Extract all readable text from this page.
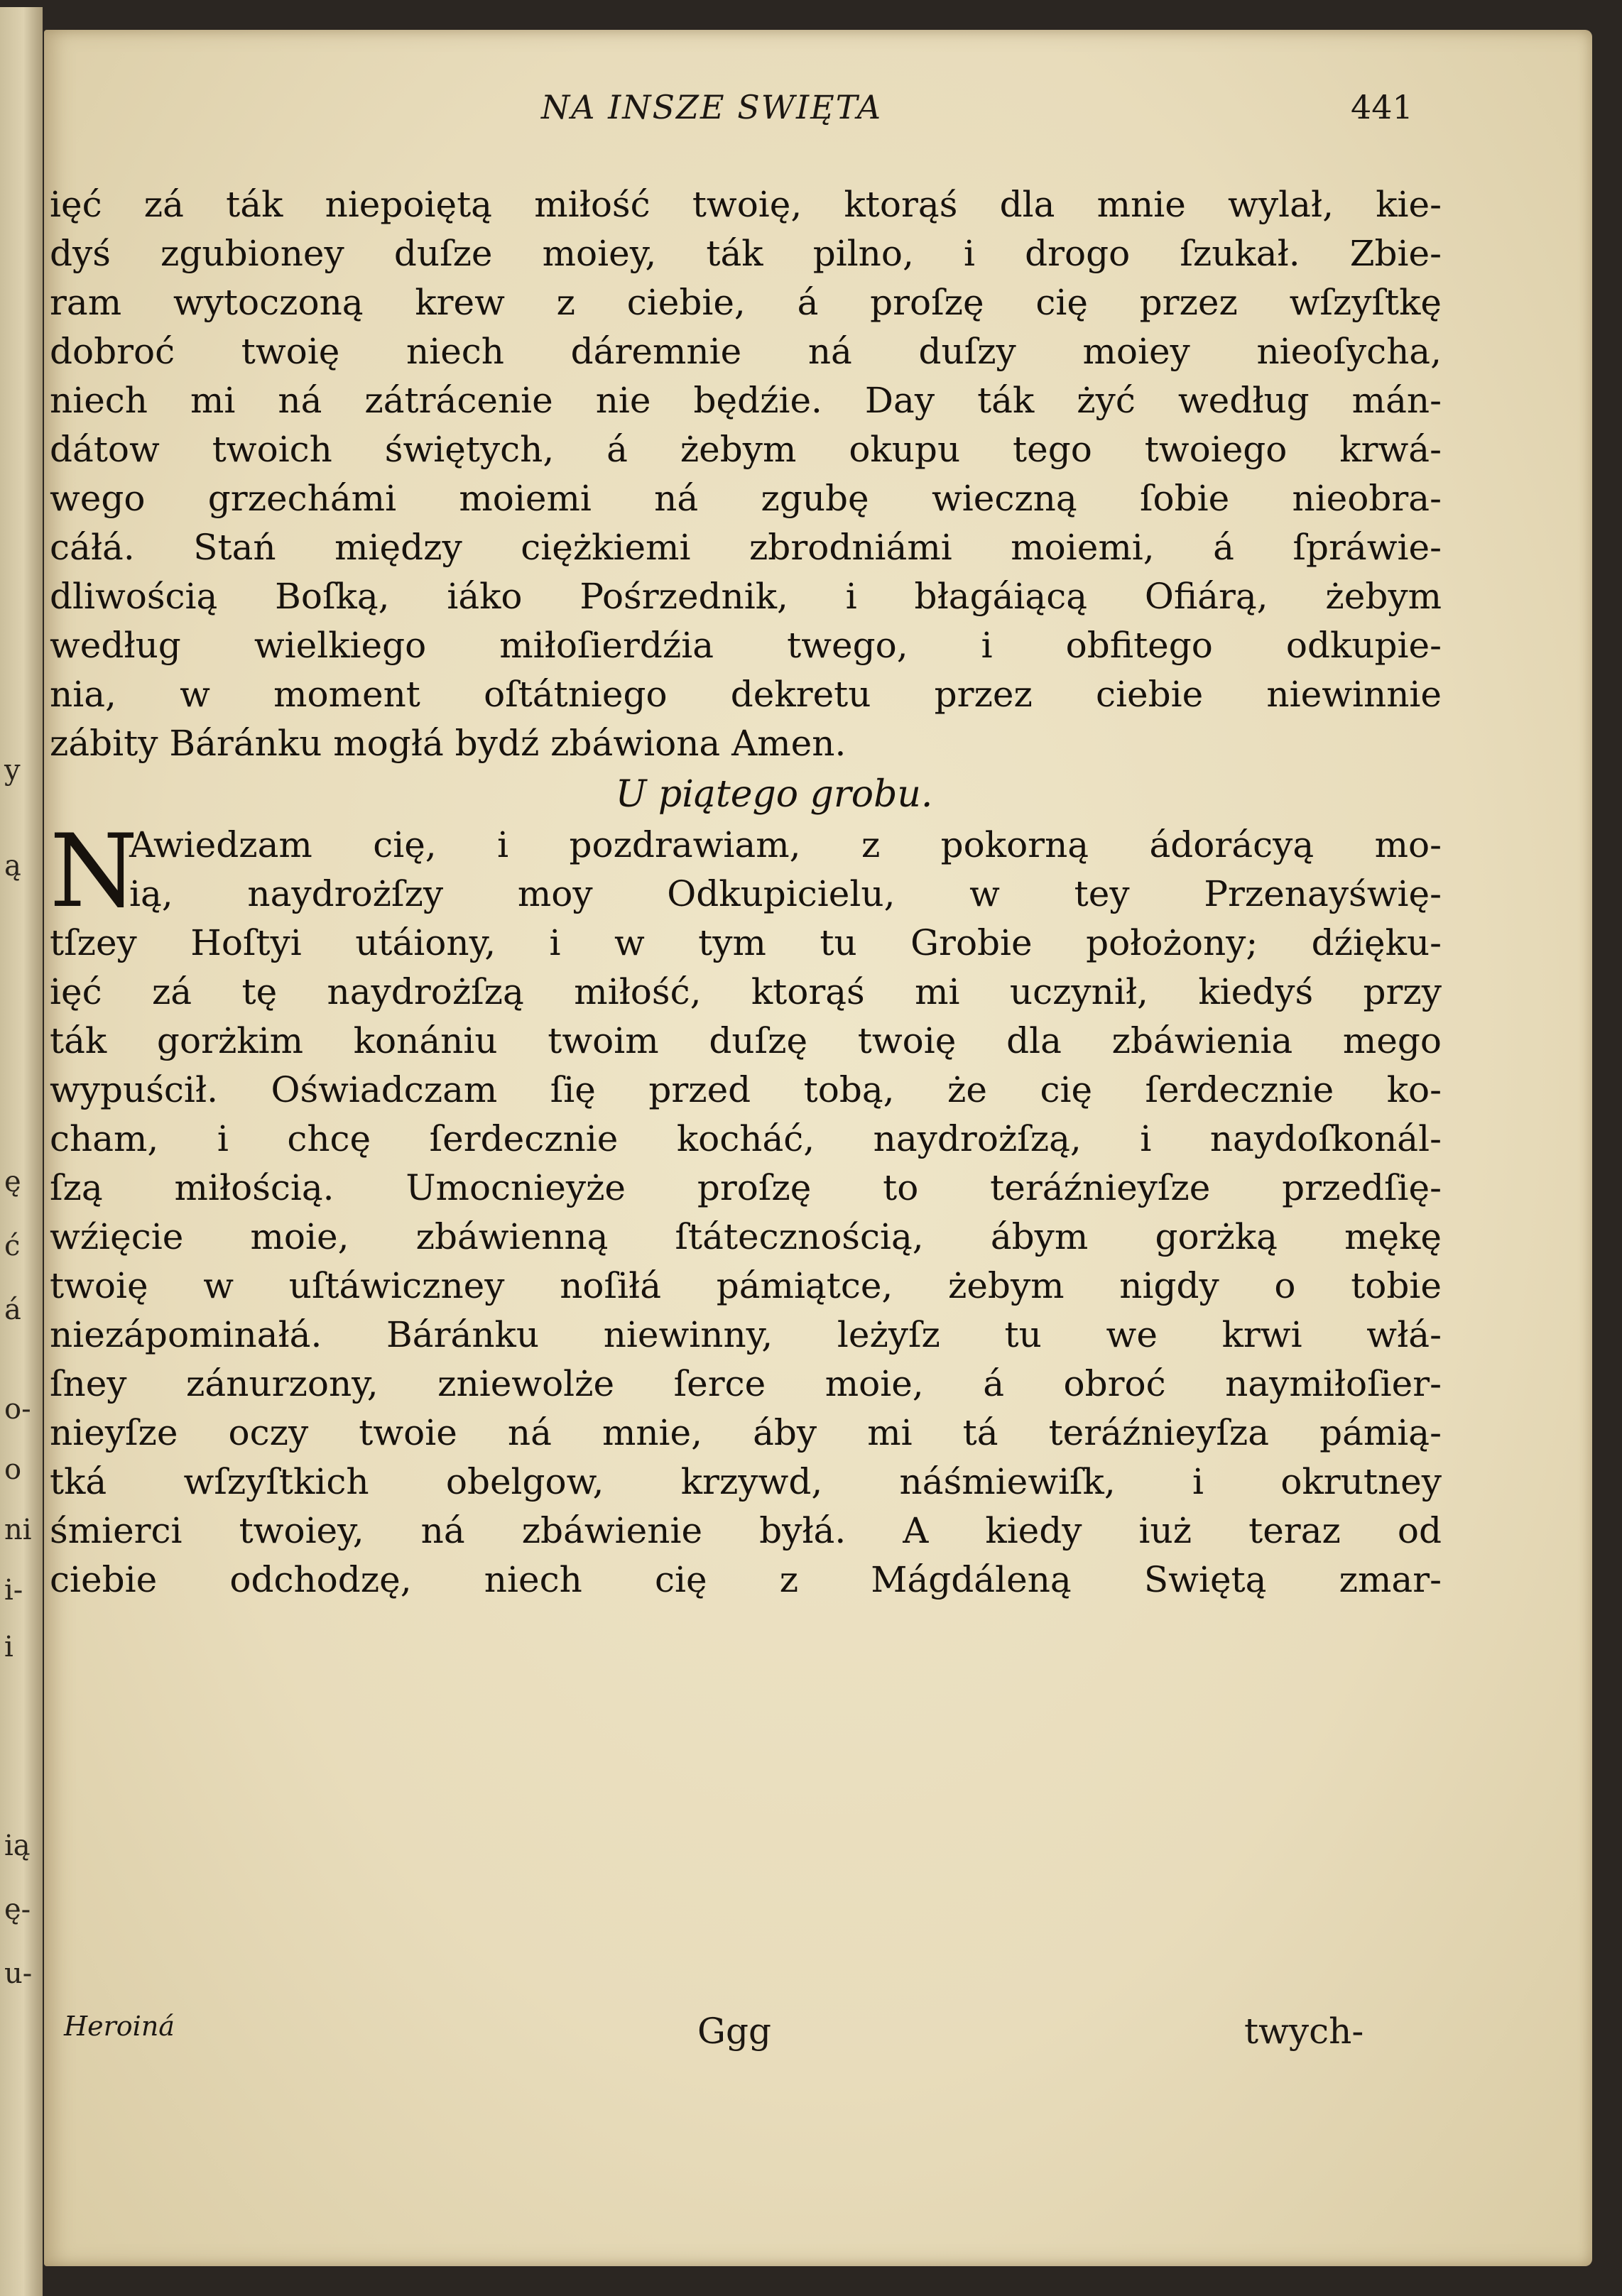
y
ą
ę
ć
á
o-
o
ni
i-
i
ią
ę-
u-
NA INSZE SWIĘTA	441
ięć zá ták niepoiętą miłość twoię, ktorąś dla mnie wylał, kie-
dyś zgubioney duſze moiey, ták pilno, i drogo ſzukał. Zbie-
ram wytoczoną krew z ciebie, á proſzę cię przez wſzyſtkę
dobroć twoię niech dáremnie ná duſzy moiey nieoſycha,
niech mi ná zátrácenie nie będźie. Day ták żyć według mán-
dátow twoich świętych, á żebym okupu tego twoiego krwá-
wego grzechámi moiemi ná zgubę wieczną ſobie nieobra-
cáłá. Stań między ciężkiemi zbrodniámi moiemi, á ſpráwie-
dliwością Boſką, iáko Pośrzednik, i błagáiącą Ofiárą, żebym
według wielkiego miłoſierdźia twego, i obfitego odkupie-
nia, w moment oſtátniego dekretu przez ciebie niewinnie
zábity Báránku mogłá bydź zbáwiona Amen.
U piątego grobu.
N
Awiedzam cię, i pozdrawiam, z pokorną ádorácyą mo-
ią, naydrożſzy moy Odkupicielu, w tey Przenayświę-
tſzey Hoſtyi utáiony, i w tym tu Grobie położony; dźięku-
ięć zá tę naydrożſzą miłość, ktorąś mi uczynił, kiedyś przy
ták gorżkim konániu twoim duſzę twoię dla zbáwienia mego
wypuścił. Oświadczam ſię przed tobą, że cię ſerdecznie ko-
cham, i chcę ſerdecznie kocháć, naydrożſzą, i naydoſkonál-
ſzą miłością. Umocnieyże proſzę to teráźnieyſze przedſię-
wźięcie moie, zbáwienną ſtátecznością, ábym gorżką mękę
twoię w uſtáwiczney noſiłá pámiątce, żebym nigdy o tobie
niezápominałá. Báránku niewinny, leżyſz tu we krwi włá-
ſney zánurzony, zniewolże ſerce moie, á obroć naymiłoſier-
nieyſze oczy twoie ná mnie, áby mi tá teráźnieyſza pámią-
tká wſzyſtkich obelgow, krzywd, náśmiewiſk, i okrutney
śmierci twoiey, ná zbáwienie byłá. A kiedy iuż teraz od
ciebie odchodzę, niech cię z Mágdáleną Swiętą zmar-
Heroiná	Ggg	twych-
